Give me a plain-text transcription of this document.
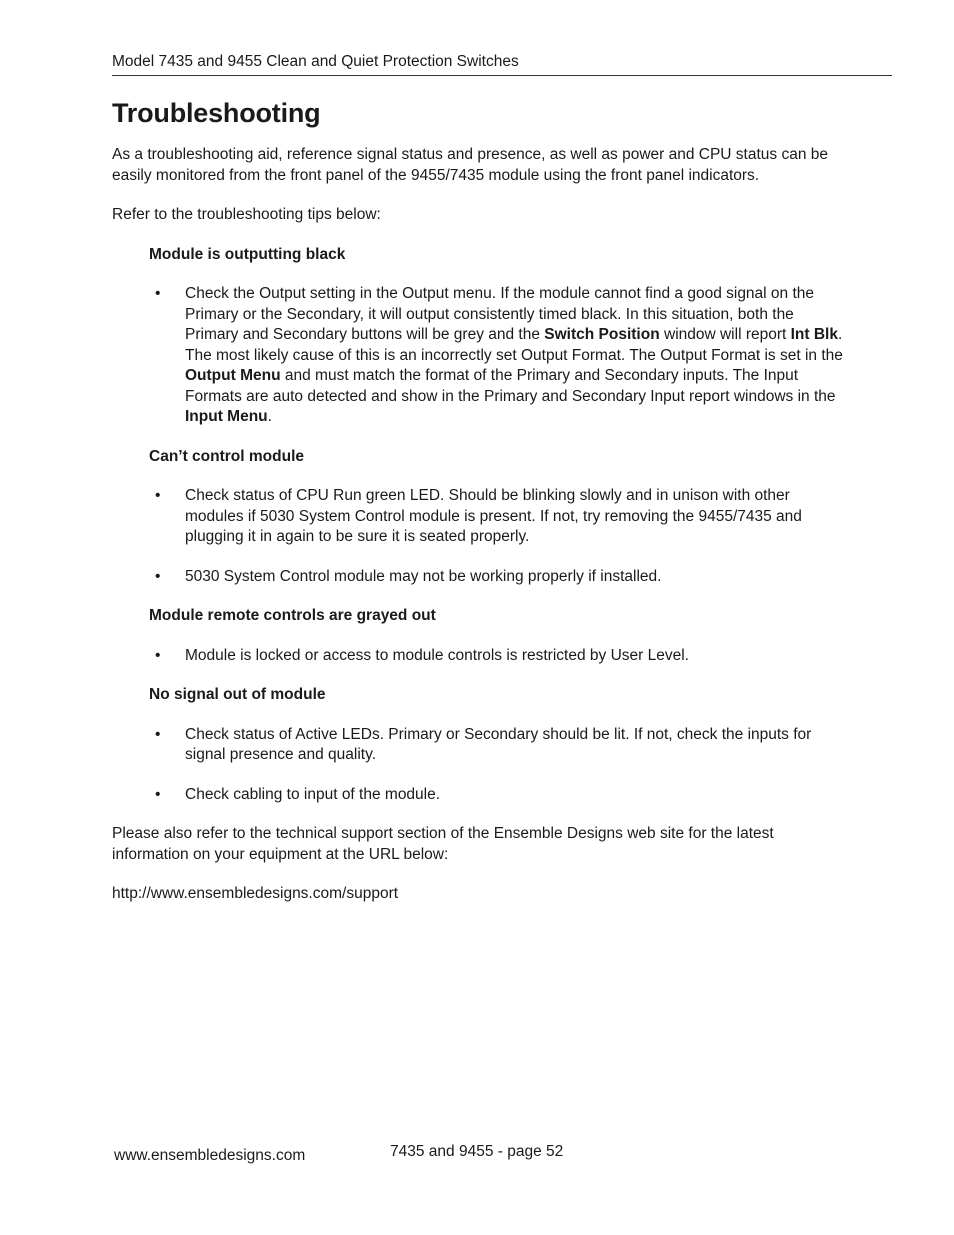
Model 7435 and 9455 Clean and Quiet Protection Switches
Troubleshooting

As a troubleshooting aid, reference signal status and presence, as well as power and CPU status can be easily monitored from the front panel of the 9455/7435 module using the front panel indicators.

Refer to the troubleshooting tips below:

Module is outputting black

• Check the Output setting in the Output menu. If the module cannot find a good signal on the Primary or the Secondary, it will output consistently timed black. In this situation, both the Primary and Secondary buttons will be grey and the Switch Position window will report Int Blk. The most likely cause of this is an incorrectly set Output Format. The Output Format is set in the Output Menu and must match the format of the Primary and Secondary inputs. The Input Formats are auto detected and show in the Primary and Secondary Input report windows in the Input Menu.

Can’t control module

• Check status of CPU Run green LED. Should be blinking slowly and in unison with other modules if 5030 System Control module is present. If not, try removing the 9455/7435 and plugging it in again to be sure it is seated properly.

• 5030 System Control module may not be working properly if installed.

Module remote controls are grayed out

• Module is locked or access to module controls is restricted by User Level.

No signal out of module

• Check status of Active LEDs. Primary or Secondary should be lit. If not, check the inputs for signal presence and quality.

• Check cabling to input of the module.

Please also refer to the technical support section of the Ensemble Designs web site for the latest information on your equipment at the URL below:

http://www.ensembledesigns.com/support

www.ensembledesigns.com	7435 and 9455 - page 52
